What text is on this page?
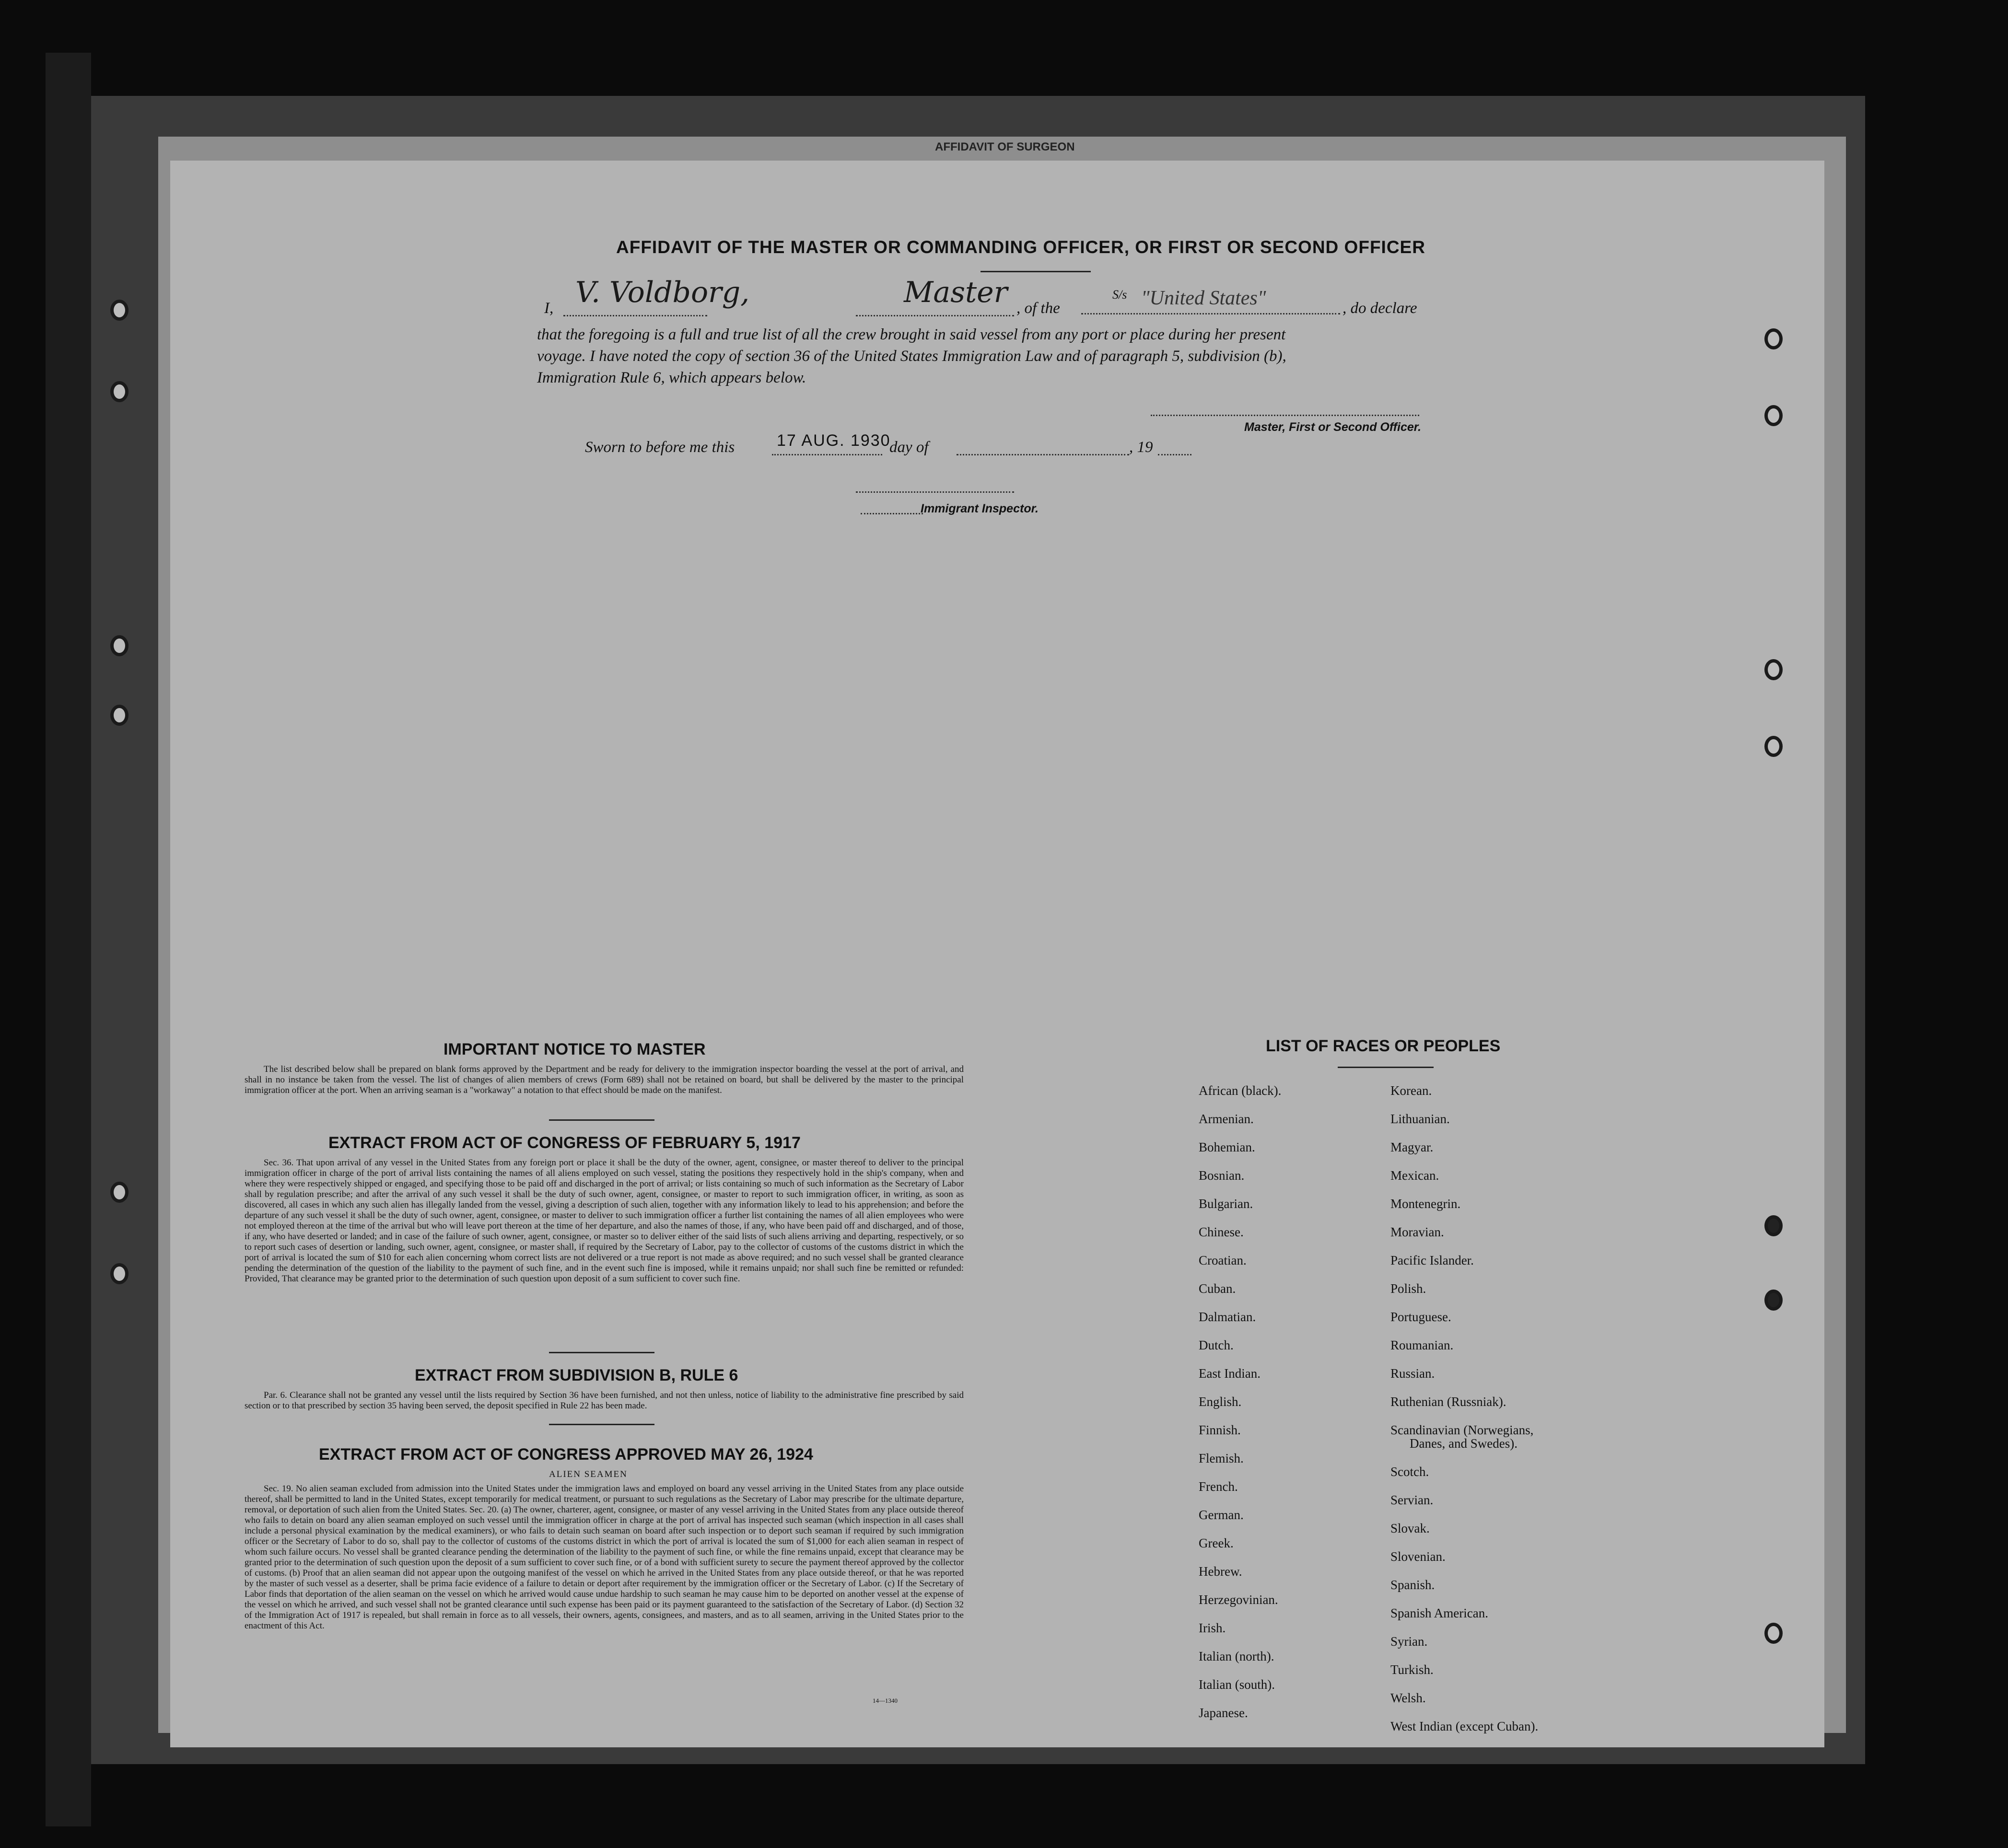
AFFIDAVIT OF SURGEON
AFFIDAVIT OF THE MASTER OR COMMANDING OFFICER, OR FIRST OR SECOND OFFICER
I, V. Voldborg,	Master , of the
S/s "United States"	, do declare
that the foregoing is a full and true list of all the crew brought in said vessel from any port or place during her present
voyage. I have noted the copy of section 36 of the United States Immigration Law and of paragraph 5, subdivision (b),
Immigration Rule 6, which appears below.
Master, First or Second Officer.
Sworn to before me this	17 AUG. 1930
day of	, 19
Immigrant Inspector.
IMPORTANT NOTICE TO MASTER
The list described below shall be prepared on blank forms approved by the Department and be ready for delivery to the immigration inspector boarding the vessel at the port of arrival, and shall in no instance be taken from the vessel. The list of changes of alien members of crews (Form 689) shall not be retained on board, but shall be delivered by the master to the principal immigration officer at the port. When an arriving seaman is a "workaway" a notation to that effect should be made on the manifest.
EXTRACT FROM ACT OF CONGRESS OF FEBRUARY 5, 1917
Sec. 36. That upon arrival of any vessel in the United States from any foreign port or place it shall be the duty of the owner, agent, consignee, or master thereof to deliver to the principal immigration officer in charge of the port of arrival lists containing the names of all aliens employed on such vessel, stating the positions they respectively hold in the ship's company, when and where they were respectively shipped or engaged, and specifying those to be paid off and discharged in the port of arrival; or lists containing so much of such information as the Secretary of Labor shall by regulation prescribe; and after the arrival of any such vessel it shall be the duty of such owner, agent, consignee, or master to report to such immigration officer, in writing, as soon as discovered, all cases in which any such alien has illegally landed from the vessel, giving a description of such alien, together with any information likely to lead to his apprehension; and before the departure of any such vessel it shall be the duty of such owner, agent, consignee, or master to deliver to such immigration officer a further list containing the names of all alien employees who were not employed thereon at the time of the arrival but who will leave port thereon at the time of her departure, and also the names of those, if any, who have been paid off and discharged, and of those, if any, who have deserted or landed; and in case of the failure of such owner, agent, consignee, or master so to deliver either of the said lists of such aliens arriving and departing, respectively, or so to report such cases of desertion or landing, such owner, agent, consignee, or master shall, if required by the Secretary of Labor, pay to the collector of customs of the customs district in which the port of arrival is located the sum of $10 for each alien concerning whom correct lists are not delivered or a true report is not made as above required; and no such vessel shall be granted clearance pending the determination of the question of the liability to the payment of such fine, and in the event such fine is imposed, while it remains unpaid; nor shall such fine be remitted or refunded: Provided, That clearance may be granted prior to the determination of such question upon deposit of a sum sufficient to cover such fine.
EXTRACT FROM SUBDIVISION B, RULE 6
Par. 6. Clearance shall not be granted any vessel until the lists required by Section 36 have been furnished, and not then unless, notice of liability to the administrative fine prescribed by said section or to that prescribed by section 35 having been served, the deposit specified in Rule 22 has been made.
EXTRACT FROM ACT OF CONGRESS APPROVED MAY 26, 1924
ALIEN SEAMEN
Sec. 19. No alien seaman excluded from admission into the United States under the immigration laws and employed on board any vessel arriving in the United States from any place outside thereof, shall be permitted to land in the United States, except temporarily for medical treatment, or pursuant to such regulations as the Secretary of Labor may prescribe for the ultimate departure, removal, or deportation of such alien from the United States. Sec. 20. (a) The owner, charterer, agent, consignee, or master of any vessel arriving in the United States from any place outside thereof who fails to detain on board any alien seaman employed on such vessel until the immigration officer in charge at the port of arrival has inspected such seaman (which inspection in all cases shall include a personal physical examination by the medical examiners), or who fails to detain such seaman on board after such inspection or to deport such seaman if required by such immigration officer or the Secretary of Labor to do so, shall pay to the collector of customs of the customs district in which the port of arrival is located the sum of $1,000 for each alien seaman in respect of whom such failure occurs. No vessel shall be granted clearance pending the determination of the liability to the payment of such fine, or while the fine remains unpaid, except that clearance may be granted prior to the determination of such question upon the deposit of a sum sufficient to cover such fine, or of a bond with sufficient surety to secure the payment thereof approved by the collector of customs. (b) Proof that an alien seaman did not appear upon the outgoing manifest of the vessel on which he arrived in the United States from any place outside thereof, or that he was reported by the master of such vessel as a deserter, shall be prima facie evidence of a failure to detain or deport after requirement by the immigration officer or the Secretary of Labor. (c) If the Secretary of Labor finds that deportation of the alien seaman on the vessel on which he arrived would cause undue hardship to such seaman he may cause him to be deported on another vessel at the expense of the vessel on which he arrived, and such vessel shall not be granted clearance until such expense has been paid or its payment guaranteed to the satisfaction of the Secretary of Labor. (d) Section 32 of the Immigration Act of 1917 is repealed, but shall remain in force as to all vessels, their owners, agents, consignees, and masters, and as to all seamen, arriving in the United States prior to the enactment of this Act.
14—1340
LIST OF RACES OR PEOPLES
African (black).
Armenian.
Bohemian.
Bosnian.
Bulgarian.
Chinese.
Croatian.
Cuban.
Dalmatian.
Dutch.
East Indian.
English.
Finnish.
Flemish.
French.
German.
Greek.
Hebrew.
Herzegovinian.
Irish.
Italian (north).
Italian (south).
Japanese.
Korean.
Lithuanian.
Magyar.
Mexican.
Montenegrin.
Moravian.
Pacific Islander.
Polish.
Portuguese.
Roumanian.
Russian.
Ruthenian (Russniak).
Scandinavian (Norwegians,
Danes, and Swedes).
Scotch.
Servian.
Slovak.
Slovenian.
Spanish.
Spanish American.
Syrian.
Turkish.
Welsh.
West Indian (except Cuban).
